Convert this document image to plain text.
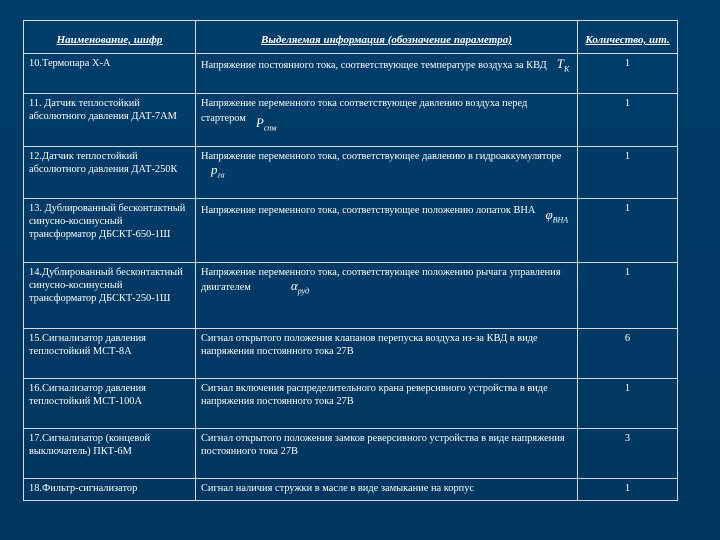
Наименование, шифр	Выделяемая информация (обозначение параметра)	Количество, шт.
10.Термопара Х-А	Напряжение постоянного тока, соответствующее температуре воздуха за КВД $T_K$	1
11. Датчик теплостойкий абсолютного давления ДАТ-7АМ	Напряжение переменного тока соответствующее давлению воздуха перед стартером $P_{ств}$	1
12.Датчик теплостойкий абсолютного давления ДАТ-250К	Напряжение переменного тока, соответствующее давлению в гидроаккумулятореp$_{га}$	1
13. Дублированный бесконтактный синусно-косинусный трансформатор ДБСКТ-650-1Ш	Напряжение переменного тока, соответствующее положению лопаток ВНА $\varphi_{ВНА}$	1
14.Дублированный бесконтактный синусно-косинусный трансформатор ДБСКТ-250-1Ш	Напряжение переменного тока, соответствующее положению рычага управления двигателем $\alpha_{руд}$	1
15.Сигнализатор давления теплостойкий МСТ-8А	Сигнал открытого положения клапанов перепуска воздуха из-за КВД в виде напряжения постоянного тока 27В	6
16.Сигнализатор давления теплостойкий МСТ-100А	Сигнал включения распределительного крана реверсивного устройства в виде напряжения постоянного тока 27В	1
17.Сигнализатор (концевой выключатель) ПКТ-6М	Сигнал открытого положения замков реверсивного устройства в виде напряжения постоянного тока 27В	3
18.Фильтр-сигнализатор	Сигнал наличия стружки в масле в виде замыкание на корпус	1
